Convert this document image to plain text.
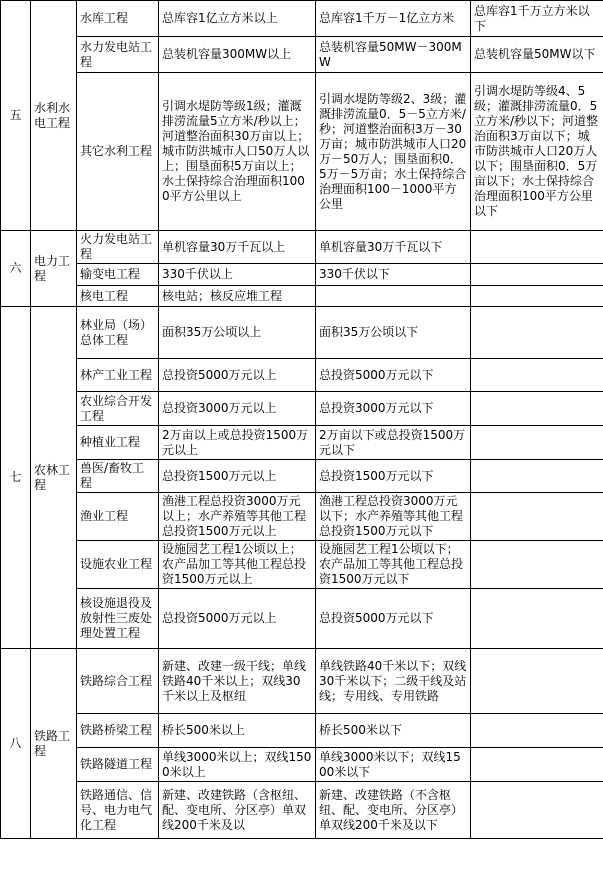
五	水利水电工程	水库工程	总库容1亿立方米以上	总库容1千万－1亿立方米	总库容1千万立方米以下
		水力发电站工程	总装机容量300MW以上	总装机容量50MW－300MW	总装机容量50MW以下
		其它水利工程	引调水堤防等级1级；灌溉排涝流量5立方米/秒以上；河道整治面积30万亩以上；城市防洪城市人口50万人以上；围垦面积5万亩以上；水土保持综合治理面积1000平方公里以上	引调水堤防等级2、3级；灌溉排涝流量0．5－5立方米/秒；河道整治面积3万－30万亩；城市防洪城市人口20万－50万人；围垦面积0．5万－5万亩；水土保持综合治理面积100－1000平方公里	引调水堤防等级4、5级；灌溉排涝流量0．5立方米/秒以下；河道整治面积3万亩以下；城市防洪城市人口20万人以下；围垦面积0．5万亩以下；水土保持综合治理面积100平方公里以下
六	电力工程	火力发电站工程	单机容量30万千瓦以上	单机容量30万千瓦以下	
		输变电工程	330千伏以上	330千伏以下	
		核电工程	核电站；核反应堆工程		
七	农林工程	林业局（场）总体工程	面积35万公顷以上	面积35万公顷以下	
		林产工业工程	总投资5000万元以上	总投资5000万元以下	
		农业综合开发工程	总投资3000万元以上	总投资3000万元以下	
		种植业工程	2万亩以上或总投资1500万元以上	2万亩以下或总投资1500万元以下	
		兽医/畜牧工程	总投资1500万元以上	总投资1500万元以下	
		渔业工程	渔港工程总投资3000万元以上；水产养殖等其他工程总投资1500万元以上	渔港工程总投资3000万元以下；水产养殖等其他工程总投资1500万元以下	
		设施农业工程	设施园艺工程1公顷以上；农产品加工等其他工程总投资1500万元以上	设施园艺工程1公顷以下；农产品加工等其他工程总投资1500万元以下	
		核设施退役及放射性三废处理处置工程	总投资5000万元以上	总投资5000万元以下	
八	铁路工程	铁路综合工程	新建、改建一级干线；单线铁路40千米以上；双线30千米以上及枢纽	单线铁路40千米以下；双线30千米以下；二级干线及站线；专用线、专用铁路	
		铁路桥梁工程	桥长500米以上	桥长500米以下	
		铁路隧道工程	单线3000米以上；双线1500米以上	单线3000米以下；双线1500米以下	
		铁路通信、信号、电力电气化工程	新建、改建铁路（含枢纽、配、变电所、分区亭）单双线200千米及以	新建、改建铁路（不含枢纽、配、变电所、分区亭）单双线200千米及以下	
